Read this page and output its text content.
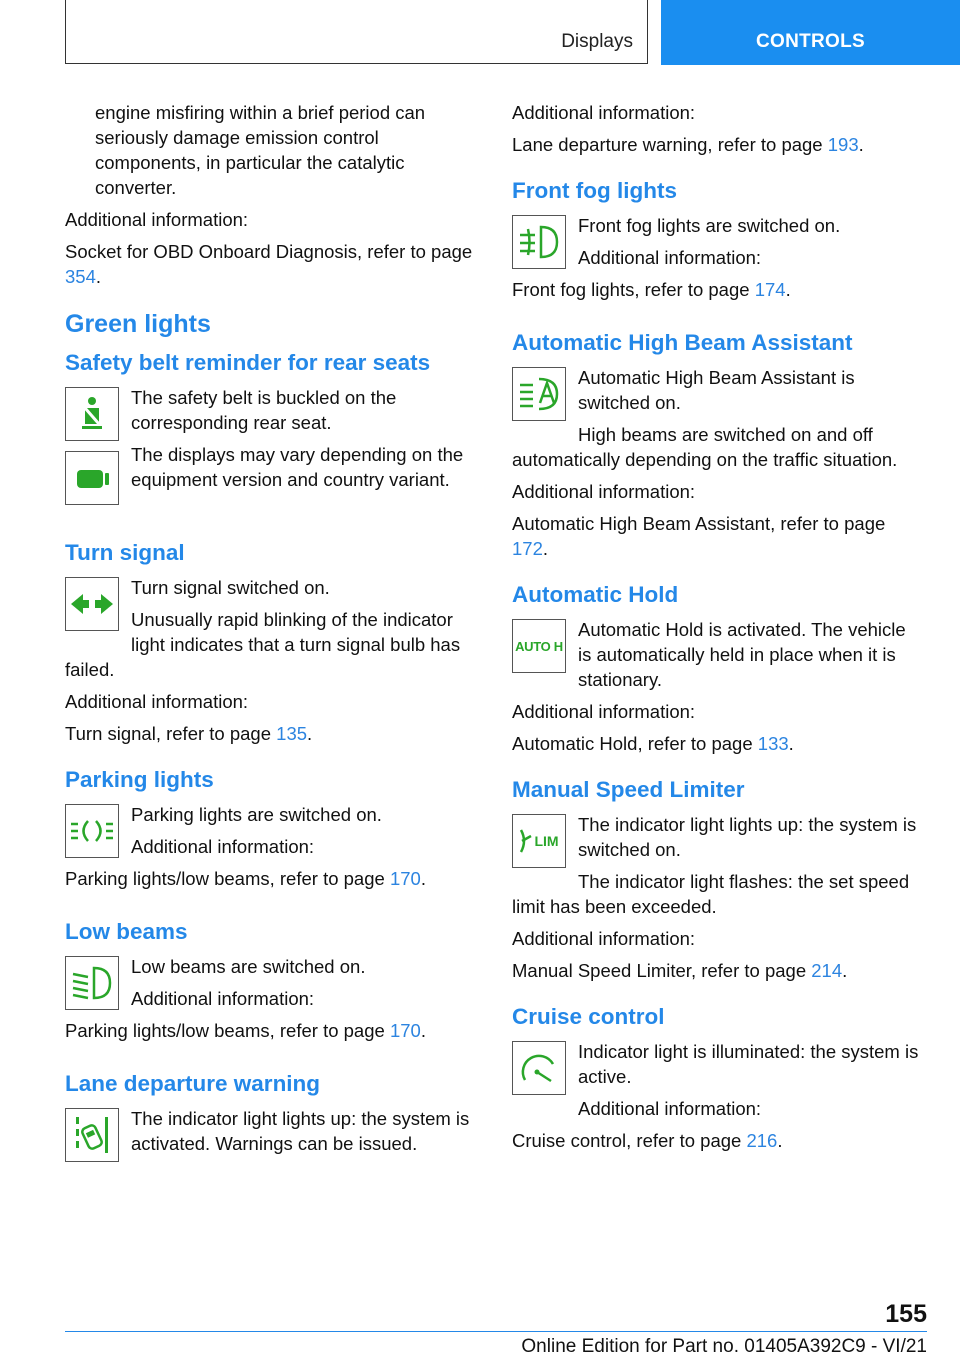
Displays	CONTROLS

engine misfiring within a brief period can seriously damage emission control components, in particular the catalytic converter.

Additional information:

Socket for OBD Onboard Diagnosis, refer to page 354.

Green lights
Safety belt reminder for rear seats

The safety belt is buckled on the corresponding rear seat.

The displays may vary depending on the equipment version and country variant.

Turn signal

Turn signal switched on.

Unusually rapid blinking of the indicator light indicates that a turn signal bulb has failed.

Additional information:

Turn signal, refer to page 135.

Parking lights

Parking lights are switched on.

Additional information:

Parking lights/low beams, refer to page 170.

Low beams

Low beams are switched on.

Additional information:

Parking lights/low beams, refer to page 170.

Lane departure warning

The indicator light lights up: the system is activated. Warnings can be issued.

Additional information:

Lane departure warning, refer to page 193.

Front fog lights

Front fog lights are switched on.

Additional information:

Front fog lights, refer to page 174.

Automatic High Beam Assistant

Automatic High Beam Assistant is switched on.

High beams are switched on and off automatically depending on the traffic situation.

Additional information:

Automatic High Beam Assistant, refer to page 172.

Automatic Hold
AUTO H

Automatic Hold is activated. The vehicle is automatically held in place when it is stationary.

Additional information:

Automatic Hold, refer to page 133.

Manual Speed Limiter
LIM

The indicator light lights up: the system is switched on.

The indicator light flashes: the set speed limit has been exceeded.

Additional information:

Manual Speed Limiter, refer to page 214.

Cruise control

Indicator light is illuminated: the system is active.

Additional information:

Cruise control, refer to page 216.

155
Online Edition for Part no. 01405A392C9 - VI/21
